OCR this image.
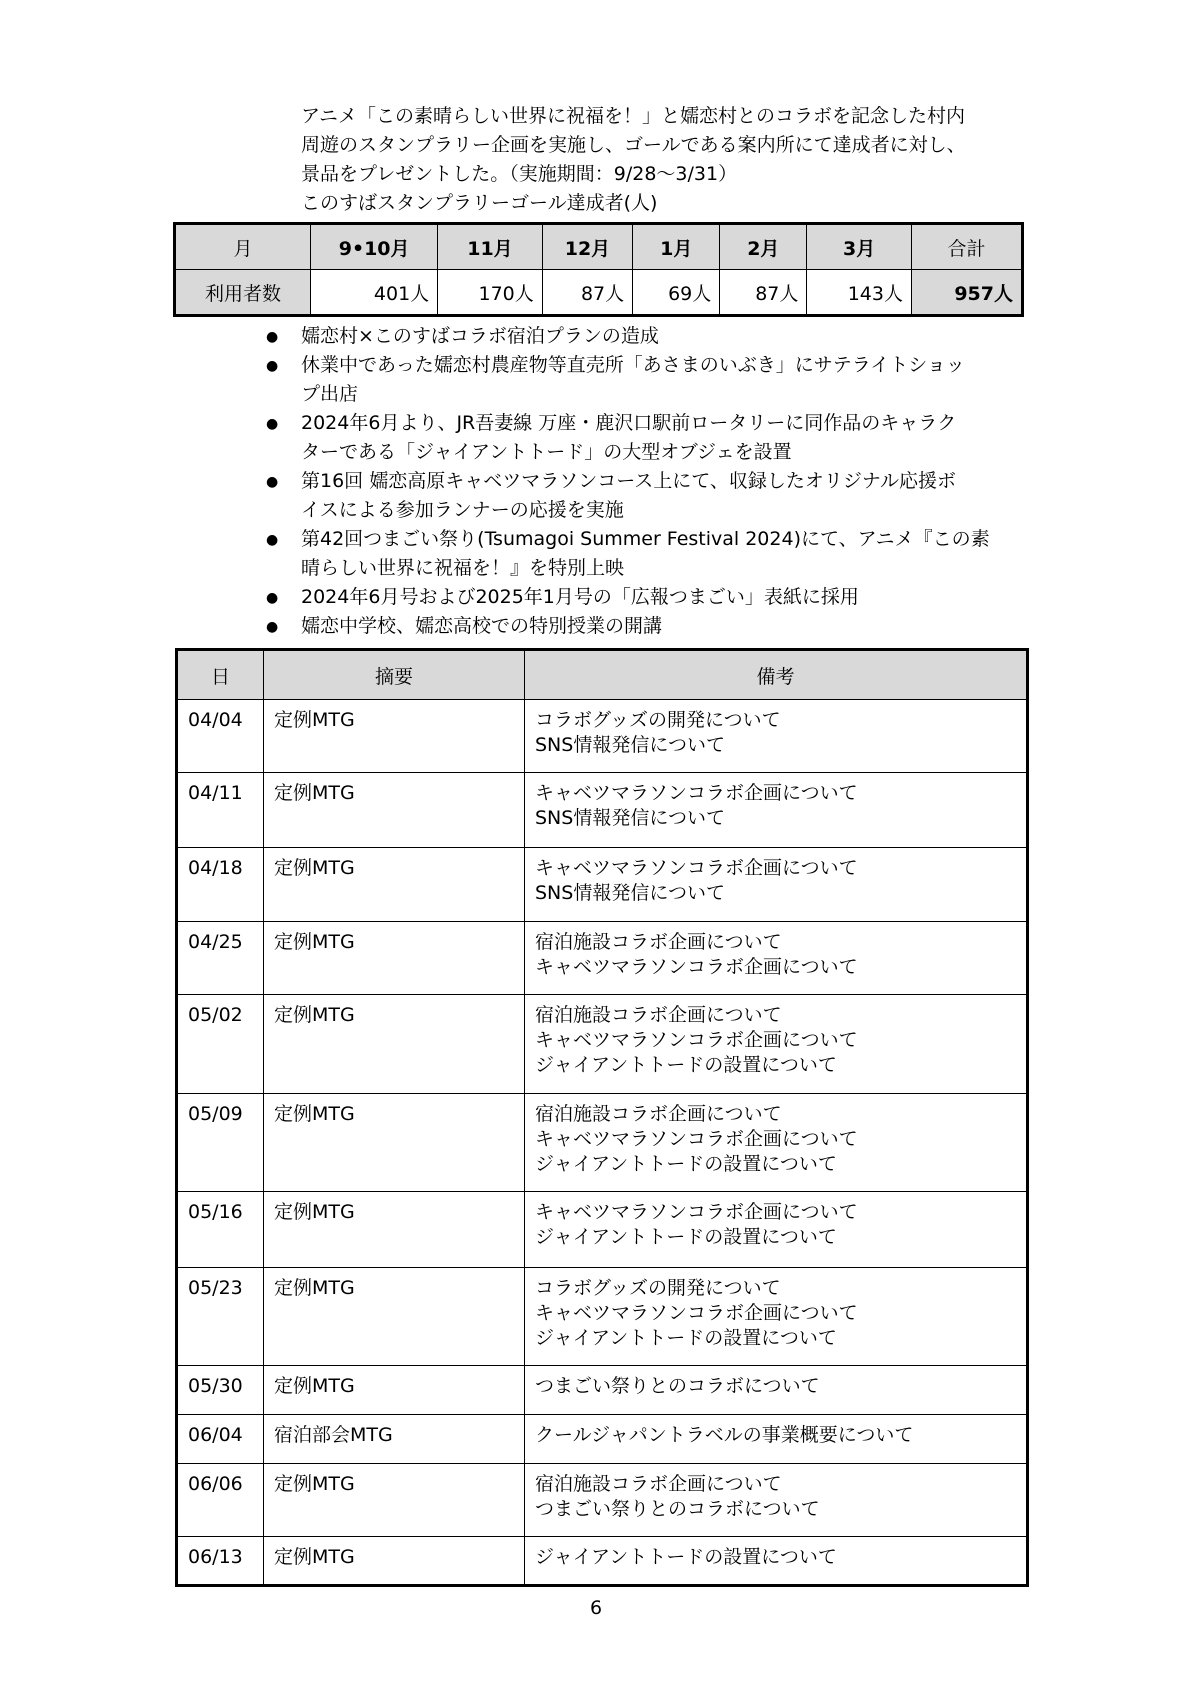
アニメ「この素晴らしい世界に祝福を！」と嬬恋村とのコラボを記念した村内
周遊のスタンプラリー企画を実施し、ゴールである案内所にて達成者に対し、
景品をプレゼントした。（実施期間：9/28～3/31）
このすばスタンプラリーゴール達成者(人)
月	9•10月	11月	12月	1月	2月	3月	合計
利用者数	401人	170人	87人	69人	87人	143人	957人
● 嬬恋村×このすばコラボ宿泊プランの造成
● 休業中であった嬬恋村農産物等直売所「あさまのいぶき」にサテライトショッ
プ出店
● 2024年6月より、JR吾妻線 万座・鹿沢口駅前ロータリーに同作品のキャラク
ターである「ジャイアントトード」の大型オブジェを設置
● 第16回 嬬恋高原キャベツマラソンコース上にて、収録したオリジナル応援ボ
イスによる参加ランナーの応援を実施
● 第42回つまごい祭り(Tsumagoi Summer Festival 2024)にて、アニメ『この素
晴らしい世界に祝福を！』を特別上映
● 2024年6月号および2025年1月号の「広報つまごい」表紙に採用
● 嬬恋中学校、嬬恋高校での特別授業の開講
日	摘要	備考
04/04	定例MTG	コラボグッズの開発について
SNS情報発信について

04/11	定例MTG	キャベツマラソンコラボ企画について
SNS情報発信について

04/18	定例MTG	キャベツマラソンコラボ企画について
SNS情報発信について

04/25	定例MTG	宿泊施設コラボ企画について
キャベツマラソンコラボ企画について

05/02	定例MTG	宿泊施設コラボ企画について
キャベツマラソンコラボ企画について
ジャイアントトードの設置について

05/09	定例MTG	宿泊施設コラボ企画について
キャベツマラソンコラボ企画について
ジャイアントトードの設置について

05/16	定例MTG	キャベツマラソンコラボ企画について
ジャイアントトードの設置について

05/23	定例MTG	コラボグッズの開発について
キャベツマラソンコラボ企画について
ジャイアントトードの設置について

05/30	定例MTG	つまごい祭りとのコラボについて

06/04	宿泊部会MTG	クールジャパントラベルの事業概要について

06/06	定例MTG	宿泊施設コラボ企画について
つまごい祭りとのコラボについて

06/13	定例MTG	ジャイアントトードの設置について
6
